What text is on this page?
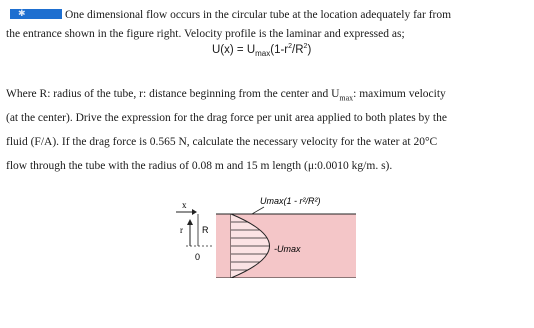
✱	One dimensional flow occurs in the circular tube at the location adequately far from
the entrance shown in the figure right. Velocity profile is the laminar and expressed as;
$U(x) = U_{max}(1-r^2/R^2)$
Where R: radius of the tube, r: distance beginning from the center and $U_{max}$: maximum velocity
(at the center). Drive the expression for the drag force per unit area applied to both plates by the
fluid (F/A). If the drag force is 0.565 N, calculate the necessary velocity for the water at 20°C
flow through the tube with the radius of 0.08 m and 15 m length (μ:0.0010 kg/m. s).
x
r R
0
Umax(1 - r²/R²)
-Umax
